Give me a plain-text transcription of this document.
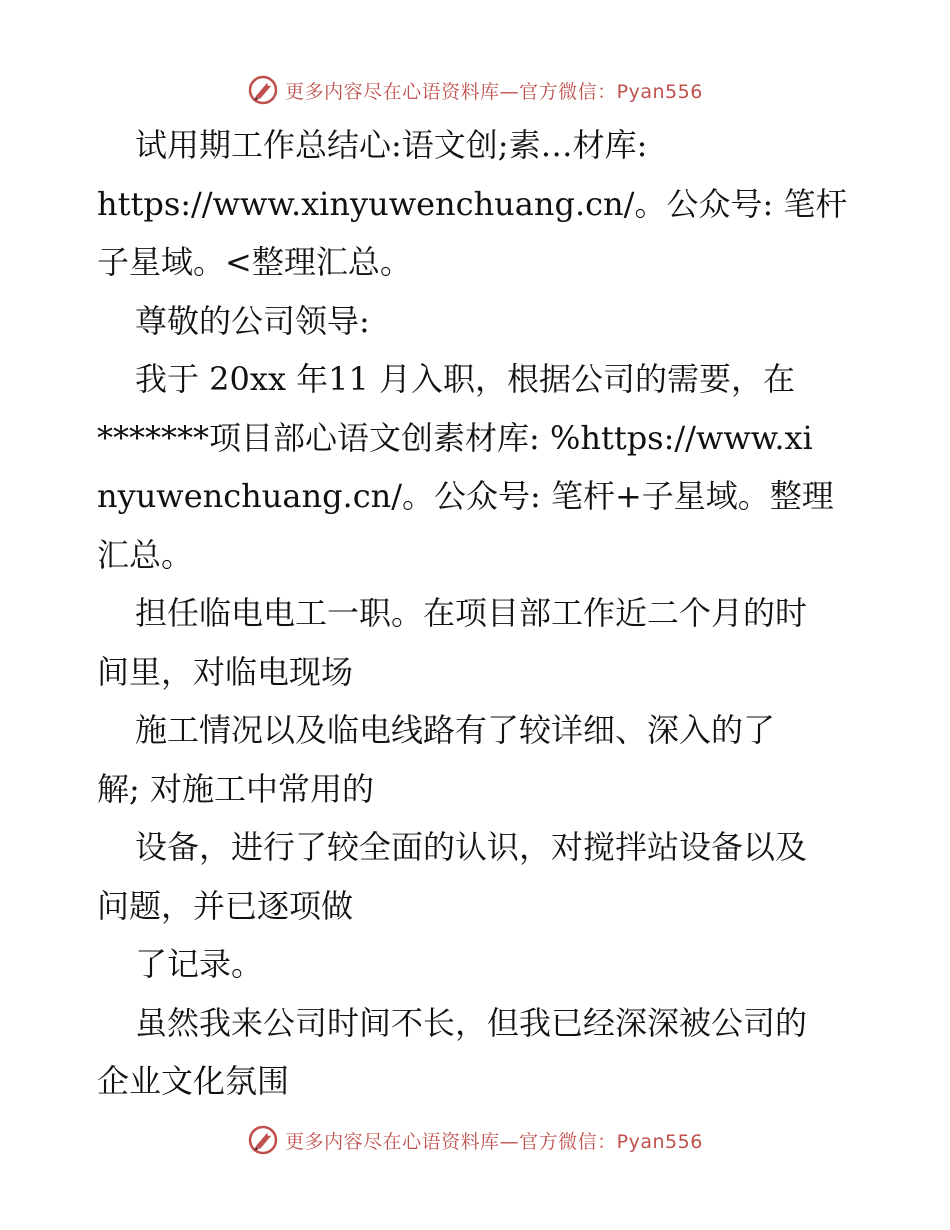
更多内容尽在心语资料库—官方微信：Pyan556
试用期工作总结心:语文创;素…材库:
https://www.xinyuwenchuang.cn/。公众号: 笔杆
子星域。<整理汇总。
尊敬的公司领导:
我于 20xx 年11 月入职，根据公司的需要，在
*******项目部心语文创素材库: %https://www.xi
nyuwenchuang.cn/。公众号: 笔杆+子星域。整理
汇总。
担任临电电工一职。在项目部工作近二个月的时
间里，对临电现场
施工情况以及临电线路有了较详细、深入的了
解; 对施工中常用的
设备，进行了较全面的认识，对搅拌站设备以及
问题，并已逐项做
了记录。
虽然我来公司时间不长，但我已经深深被公司的
企业文化氛围
更多内容尽在心语资料库—官方微信：Pyan556
